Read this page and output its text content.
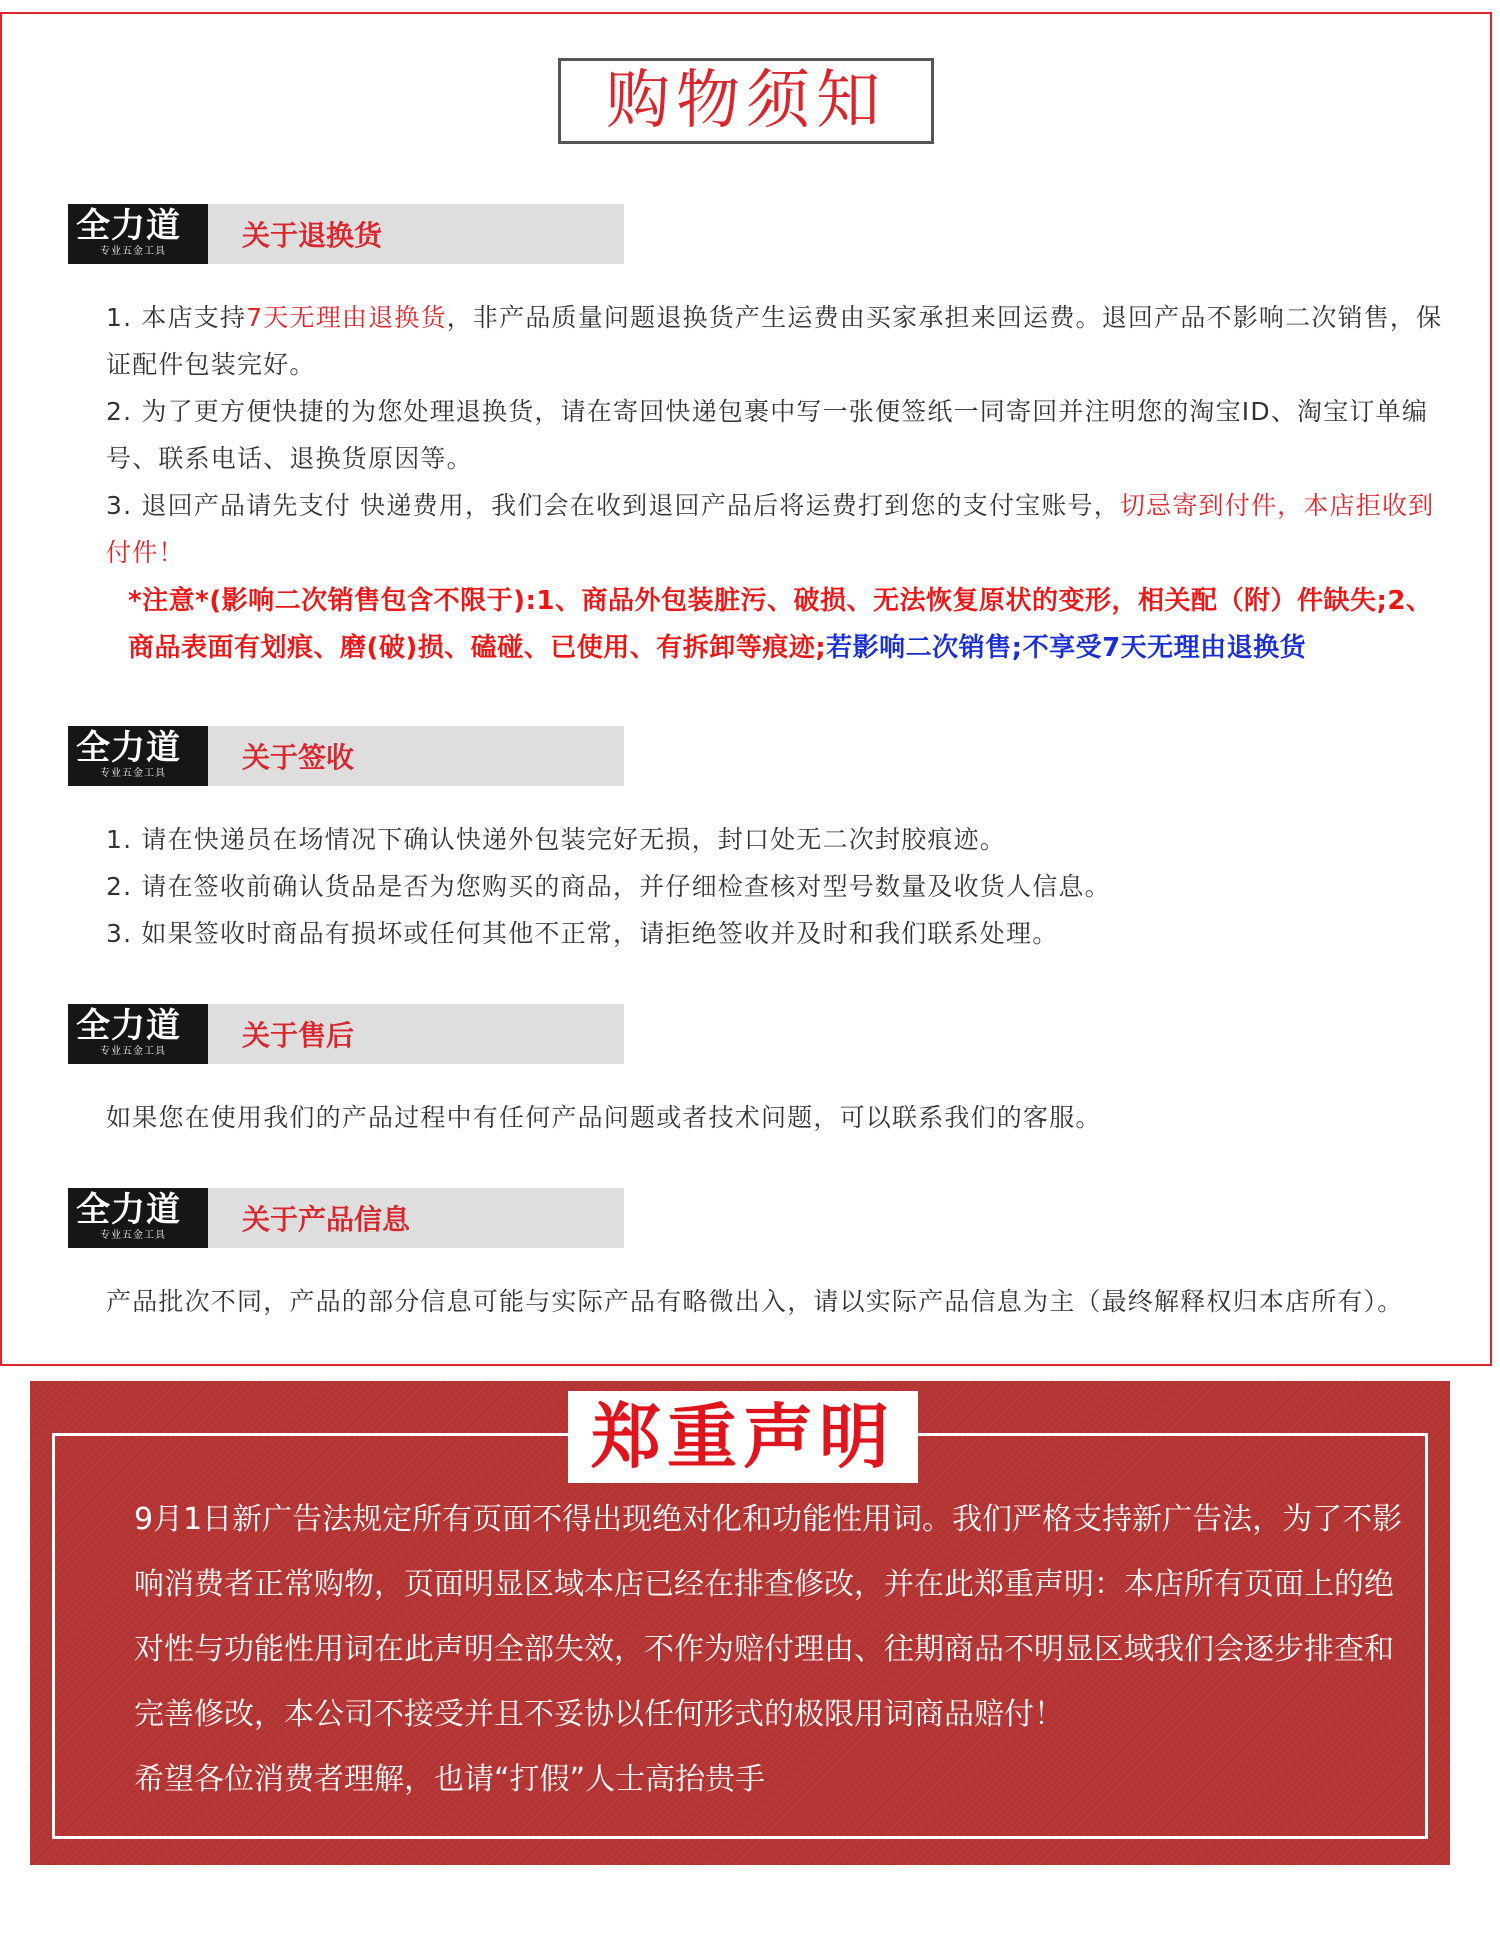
购物须知
全力道
专业五金工具	关于退换货
1. 本店支持7天无理由退换货，非产品质量问题退换货产生运费由买家承担来回运费。退回产品不影响二次销售，保证配件包装完好。
2. 为了更方便快捷的为您处理退换货，请在寄回快递包裹中写一张便签纸一同寄回并注明您的淘宝ID、淘宝订单编号、联系电话、退换货原因等。
3. 退回产品请先支付 快递费用，我们会在收到退回产品后将运费打到您的支付宝账号，切忌寄到付件，本店拒收到付件！
*注意*(影响二次销售包含不限于):1、商品外包装脏污、破损、无法恢复原状的变形，相关配（附）件缺失;2、商品表面有划痕、磨(破)损、磕碰、已使用、有拆卸等痕迹;若影响二次销售;不享受7天无理由退换货
全力道
专业五金工具	关于签收
1. 请在快递员在场情况下确认快递外包装完好无损，封口处无二次封胶痕迹。
2. 请在签收前确认货品是否为您购买的商品，并仔细检查核对型号数量及收货人信息。
3. 如果签收时商品有损坏或任何其他不正常，请拒绝签收并及时和我们联系处理。
全力道
专业五金工具	关于售后
如果您在使用我们的产品过程中有任何产品问题或者技术问题，可以联系我们的客服。
全力道
专业五金工具	关于产品信息
产品批次不同，产品的部分信息可能与实际产品有略微出入，请以实际产品信息为主（最终解释权归本店所有）。
郑重声明

9月1日新广告法规定所有页面不得出现绝对化和功能性用词。我们严格支持新广告法，为了不影响消费者正常购物，页面明显区域本店已经在排查修改，并在此郑重声明：本店所有页面上的绝对性与功能性用词在此声明全部失效，不作为赔付理由、往期商品不明显区域我们会逐步排查和完善修改，本公司不接受并且不妥协以任何形式的极限用词商品赔付！

希望各位消费者理解，也请“打假”人士高抬贵手
